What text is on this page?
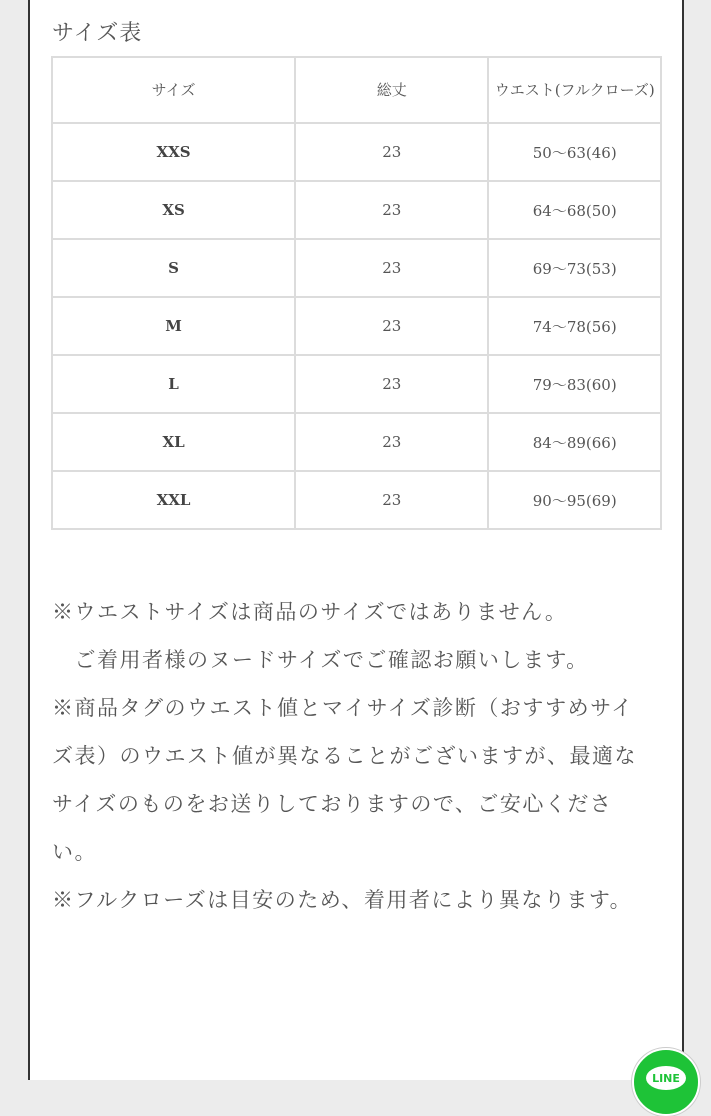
サイズ表
サイズ	総丈	ウエスト(フルクローズ)
XXS	23	50〜63(46)
XS	23	64〜68(50)
S	23	69〜73(53)
M	23	74〜78(56)
L	23	79〜83(60)
XL	23	84〜89(66)
XXL	23	90〜95(69)

※ウエストサイズは商品のサイズではありません。

　ご着用者様のヌードサイズでご確認お願いします。

※商品タグのウエスト値とマイサイズ診断（おすすめサイズ表）のウエスト値が異なることがございますが、最適なサイズのものをお送りしておりますので、ご安心ください。

※フルクローズは目安のため、着用者により異なります。

LINE
